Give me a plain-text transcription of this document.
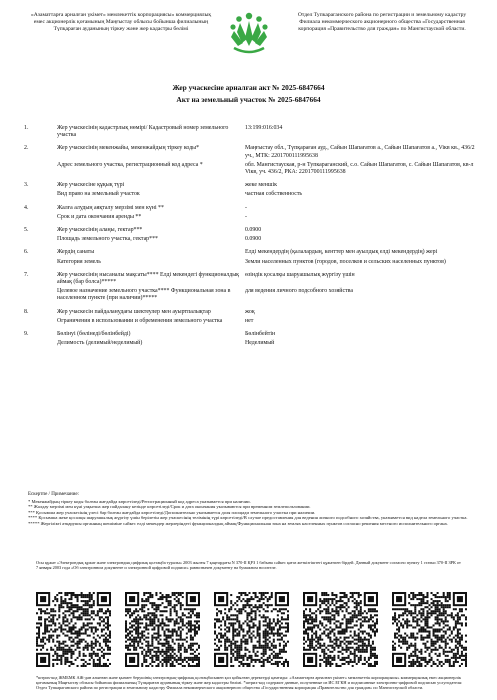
«Азаматтарға арналған үкімет» мемлекеттік корпорациясы» коммерциялық емес акционерлік қоғамының Маңғыстау облысы бойынша филиалының Түпқараған ауданының тіркеу және жер кадастры бөлімі
Отдел Тупкараганского района по регистрации и земельному кадастру Филиала некоммерческого акционерного общества «Государственная корпорация «Правительство для граждан» по Мангистауской области.
Жер учаскесіне арналған акт № 2025-6847664
Акт на земельный участок № 2025-6847664
1.	Жер учаскесінің кадастрлық нөмірі/ Кадастровый номер земельного участка	13:199:016:034
2.	Жер учаскесінің мекенжайы, мекенжайдың тіркеу коды*	Маңғыстау обл., Түпқараған ауд., Сайын Шапағатов а., Сайын Шапағатов а., Viкв кв., 436/2 уч., МТК: 2201700111995638
	Адрес земельного участка, регистрационный код адреса *	обл. Мангистауская, р-н Тупкараганский, с.о. Сайын Шапагатов, с. Сайын Шапагатов, кв-л Viкв, уч. 436/2, РКА: 2201700111995638
3.	Жер учаскесіне құқық түрі	жеке меншік
	Вид право на земельный участок	частная собственность
4.	Жалға алудың аяқталу мерзімі мен күні **	-
	Срок и дата окончания аренды **	-
5.	Жер учаскесінің алаңы, гектар***	0.0900
	Площадь земельного участка, гектар***	0.0900
6.	Жердің санаты	Елді мекендердің (қалалардың, кенттер мен ауылдық елді мекендердің) жері
	Категория земель	Земли населенных пунктов (городов, поселков и сельских населенных пунктов)
7.	Жер учаскесінің нысаналы мақсаты**** Елді мекендегі функционалдық аймақ (бар болса)*****	өзіндік қосалқы шаруашылық жүргізу үшін
	Целевое назначение земельного участка**** Функциональная зона в населенном пункте (при наличии)*****	для ведения личного подсобного хозяйства
8.	Жер учаскесін пайдаланудағы шектеулер мен ауыртпалықтар	жоқ
	Ограничения в использовании и обременения земельного участка	нет
9.	Бөлінуі (бөлінеді/бөлінбейді)	Бөлінбейтін
	Делимость (делимый/неделимый)	Неделимый
Ескертпе / Примечание:
* Мекенжайдың тіркеу коды болған жағдайда көрсетіледі/Регистрационный код адреса указывается при наличии.
** Жалдау мерзімі мен күні уақытша жер пайдалану кезінде көрсетіледі/Срок и дата окончания указываются при временном землепользовании.
*** Қосымша жер учаскесінің үлесі бар болған жағдайда көрсетіледі/Дополнительно указывается доля площади земельного участка при наличии.
**** Қосымша жеке қосалқы шаруашылық жүргізу үшін берілетін жер учаскесінің телімінің түрі көрсетіледі/В случае предоставления для ведения личного подсобного хозяйства, указывается вид надела земельного участка.
***** Жергілікті атқарушы органның шешіміне сәйкес елді мекендер жерлеріндегі функционалдық аймақ/Функциональная зона на землях населенных пунктов согласно решения местного исполнительного органа.
Осы құжат «Электрондық құжат және электрондық цифрлық қолтаңба туралы» 2003 жылғы 7 қаңтардағы N 370-II ҚРЗ 1 бабына сәйкес қағаз жеткізгіштегі құжатпен бірдей. Данный документ согласно пункту 1 статьи 370-II ЗРК от 7 января 2003 года «Об электронном документе и электронной цифровой подписи» равнозначен документу на бумажном носителе.
*штрих-код ЖМБМК АЖ-дан алынған және қызмет берушінің электрондық-цифрлық қолтаңбасымен қол қойылған деректерді қамтиды: «Азаматтарға арналған үкімет» мемлекеттік корпорациясы» коммерциялық емес акционерлік қоғамының Маңғыстау облысы бойынша филиалының Түпқараған ауданының тіркеу және жер кадастры бөлімі. *штрих-код содержит данные, полученные из ИС ЕГКН и подписанные электронно-цифровой подписью услугодателя: Отдел Тупкараганского района по регистрации и земельному кадастру Филиала некоммерческого акционерного общества «Государственная корпорация «Правительство для граждан» по Мангистауской области.
